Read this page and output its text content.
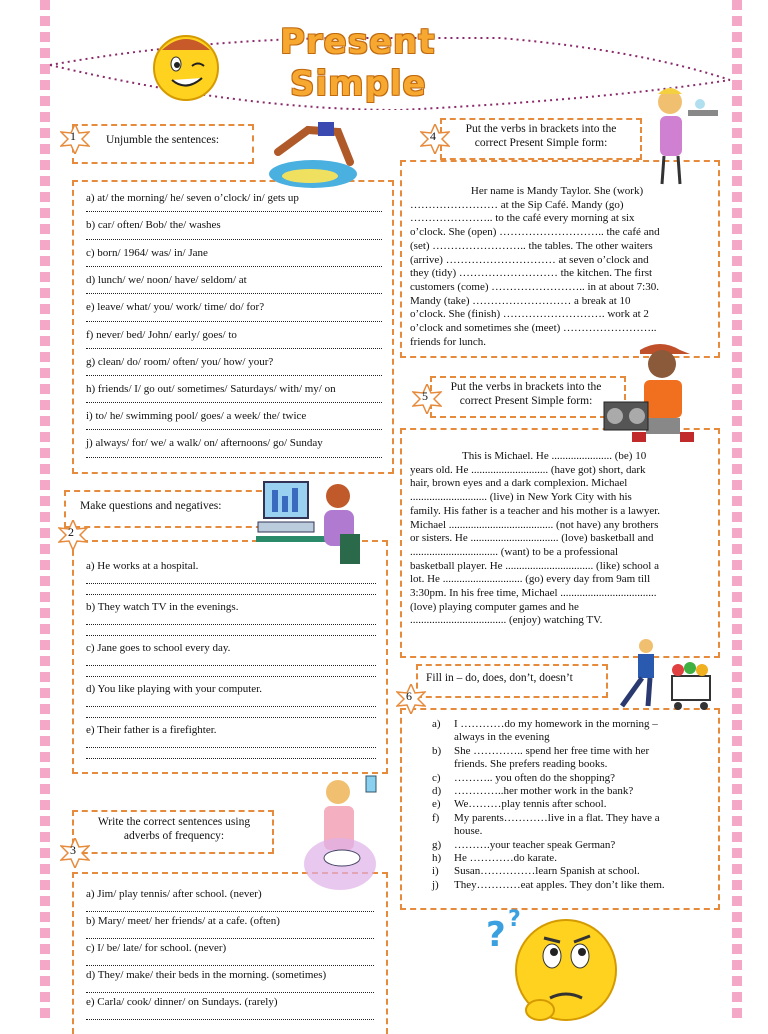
Present
Simple
Unjumble the sentences:
1
a) at/ the morning/ he/ seven o’clock/ in/ gets up
b) car/ often/ Bob/ the/ washes
c) born/ 1964/ was/ in/ Jane
d) lunch/ we/ noon/ have/ seldom/ at
e) leave/ what/ you/ work/ time/ do/ for?
f) never/ bed/ John/ early/ goes/ to
g) clean/ do/ room/ often/ you/ how/ your?
h) friends/ I/ go out/ sometimes/ Saturdays/ with/ my/ on
i) to/ he/ swimming pool/ goes/ a week/ the/ twice
j) always/ for/ we/ a walk/ on/ afternoons/ go/ Sunday
Make questions and negatives:
2
a) He works at a hospital.
b) They watch TV in the evenings.
c) Jane goes to school every day.
d) You like playing with your computer.
e) Their father is a firefighter.
Write the correct sentences using
adverbs of frequency:
3
a) Jim/ play tennis/ after school. (never)
b) Mary/ meet/ her friends/ at a cafe. (often)
c) I/ be/ late/ for school. (never)
d) They/ make/ their beds in the morning. (sometimes)
e) Carla/ cook/ dinner/ on Sundays. (rarely)
Put the verbs in brackets into the
correct Present Simple form:
4
Her name is Mandy Taylor. She (work)
…………………… at the Sip Café. Mandy (go)
………………….. to the café every morning at six
o’clock. She (open) ……………………….. the café and
(set) …………………….. the tables. The other waiters
(arrive) ………………………… at seven o’clock and
they (tidy) ……………………… the kitchen. The first
customers (come) …………………….. in at about 7:30.
Mandy (take) ……………………… a break at 10
o’clock. She (finish) ………………………. work at 2
o’clock and sometimes she (meet) ……………………..
friends for lunch.
Put the verbs in brackets into the
correct Present Simple form:
5
This is Michael. He ...................... (be) 10
years old. He ............................ (have got) short, dark
hair, brown eyes and a dark complexion. Michael
............................ (live) in New York City with his
family. His father is a teacher and his mother is a lawyer.
Michael ...................................... (not have) any brothers
or sisters. He ................................ (love) basketball and
................................ (want) to be a professional
basketball player. He ................................ (like) school a
lot. He ............................. (go) every day from 9am till
3:30pm. In his free time, Michael ...................................
(love) playing computer games and he
................................... (enjoy) watching TV.
Fill in – do, does, don’t, doesn’t
6
a)	I …………do my homework in the morning –
always in the evening
b)	She ………….. spend her free time with her
friends. She prefers reading books.
c)	……….. you often do the shopping?
d)	…………..her mother work in the bank?
e)	We………play tennis after school.
f)	My parents…………live in a flat. They have a
house.
g)	……….your teacher speak German?
h)	He …………do karate.
i)	Susan……………learn Spanish at school.
j)	They…………eat apples. They don’t like them.
? ?
